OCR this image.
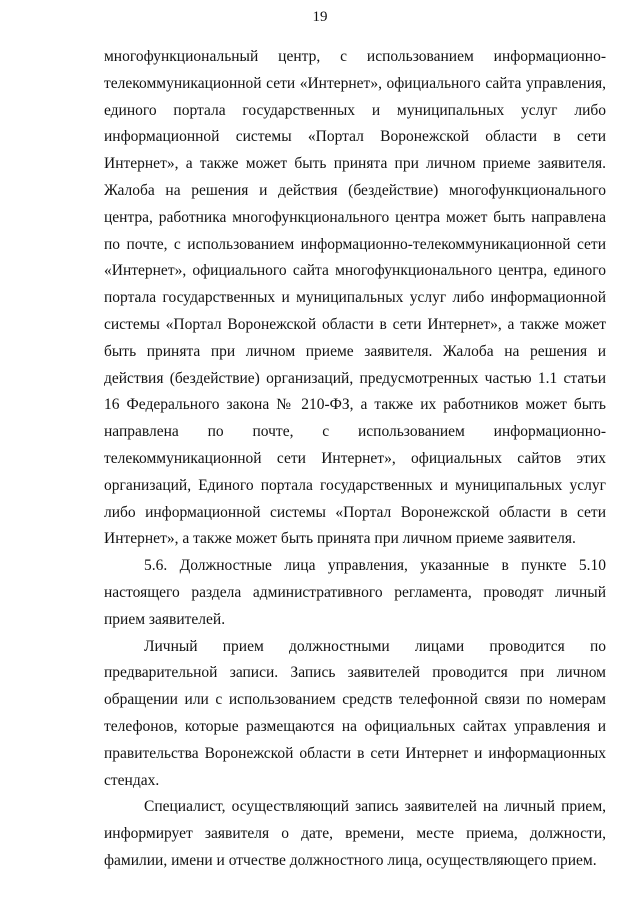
19

многофункциональный центр, с использованием информационно-телекоммуникационной сети «Интернет», официального сайта управления, единого портала государственных и муниципальных услуг либо информационной системы «Портал Воронежской области в сети Интернет», а также может быть принята при личном приеме заявителя. Жалоба на решения и действия (бездействие) многофункционального центра, работника многофункционального центра может быть направлена по почте, с использованием информационно-телекоммуникационной сети «Интернет», официального сайта многофункционального центра, единого портала государственных и муниципальных услуг либо информационной системы «Портал Воронежской области в сети Интернет», а также может быть принята при личном приеме заявителя. Жалоба на решения и действия (бездействие) организаций, предусмотренных частью 1.1 статьи 16 Федерального закона № 210-ФЗ, а также их работников может быть направлена по почте, с использованием информационно-телекоммуникационной сети Интернет», официальных сайтов этих организаций, Единого портала государственных и муниципальных услуг либо информационной системы «Портал Воронежской области в сети Интернет», а также может быть принята при личном приеме заявителя.

5.6. Должностные лица управления, указанные в пункте 5.10 настоящего раздела административного регламента, проводят личный прием заявителей.

Личный прием должностными лицами проводится по предварительной записи. Запись заявителей проводится при личном обращении или с использованием средств телефонной связи по номерам телефонов, которые размещаются на официальных сайтах управления и правительства Воронежской области в сети Интернет и информационных стендах.

Специалист, осуществляющий запись заявителей на личный прием, информирует заявителя о дате, времени, месте приема, должности, фамилии, имени и отчестве должностного лица, осуществляющего прием.
